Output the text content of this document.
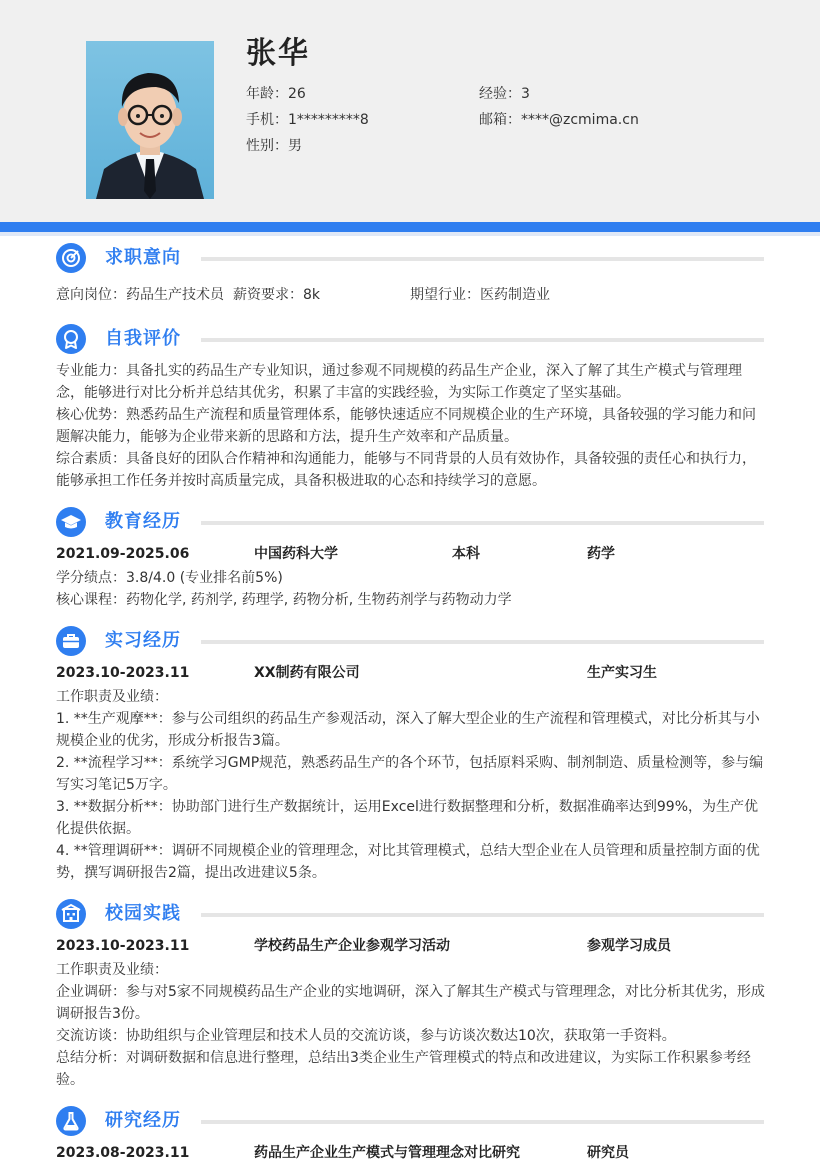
张华
年龄：26	经验：3
手机：1*********8	邮箱：****@zcmima.cn
性别：男
求职意向
意向岗位：药品生产技术员 薪资要求：8k	期望行业：医药制造业
自我评价
专业能力：具备扎实的药品生产专业知识，通过参观不同规模的药品生产企业，深入了解了其生产模式与管理理念，能够进行对比分析并总结其优劣，积累了丰富的实践经验，为实际工作奠定了坚实基础。
核心优势：熟悉药品生产流程和质量管理体系，能够快速适应不同规模企业的生产环境，具备较强的学习能力和问题解决能力，能够为企业带来新的思路和方法，提升生产效率和产品质量。
综合素质：具备良好的团队合作精神和沟通能力，能够与不同背景的人员有效协作，具备较强的责任心和执行力，能够承担工作任务并按时高质量完成，具备积极进取的心态和持续学习的意愿。
教育经历
2021.09-2025.06	中国药科大学	本科	药学
学分绩点：3.8/4.0 (专业排名前5%)
核心课程：药物化学, 药剂学, 药理学, 药物分析, 生物药剂学与药物动力学
实习经历
2023.10-2023.11	XX制药有限公司	生产实习生
工作职责及业绩：
1. **生产观摩**：参与公司组织的药品生产参观活动，深入了解大型企业的生产流程和管理模式，对比分析其与小规模企业的优劣，形成分析报告3篇。
2. **流程学习**：系统学习GMP规范，熟悉药品生产的各个环节，包括原料采购、制剂制造、质量检测等，参与编写实习笔记5万字。
3. **数据分析**：协助部门进行生产数据统计，运用Excel进行数据整理和分析，数据准确率达到99%，为生产优化提供依据。
4. **管理调研**：调研不同规模企业的管理理念，对比其管理模式，总结大型企业在人员管理和质量控制方面的优势，撰写调研报告2篇，提出改进建议5条。
校园实践
2023.10-2023.11	学校药品生产企业参观学习活动	参观学习成员
工作职责及业绩：
企业调研：参与对5家不同规模药品生产企业的实地调研，深入了解其生产模式与管理理念，对比分析其优劣，形成调研报告3份。
交流访谈：协助组织与企业管理层和技术人员的交流访谈，参与访谈次数达10次，获取第一手资料。
总结分析：对调研数据和信息进行整理，总结出3类企业生产管理模式的特点和改进建议，为实际工作积累参考经验。
研究经历
2023.08-2023.11	药品生产企业生产模式与管理理念对比研究	研究员
